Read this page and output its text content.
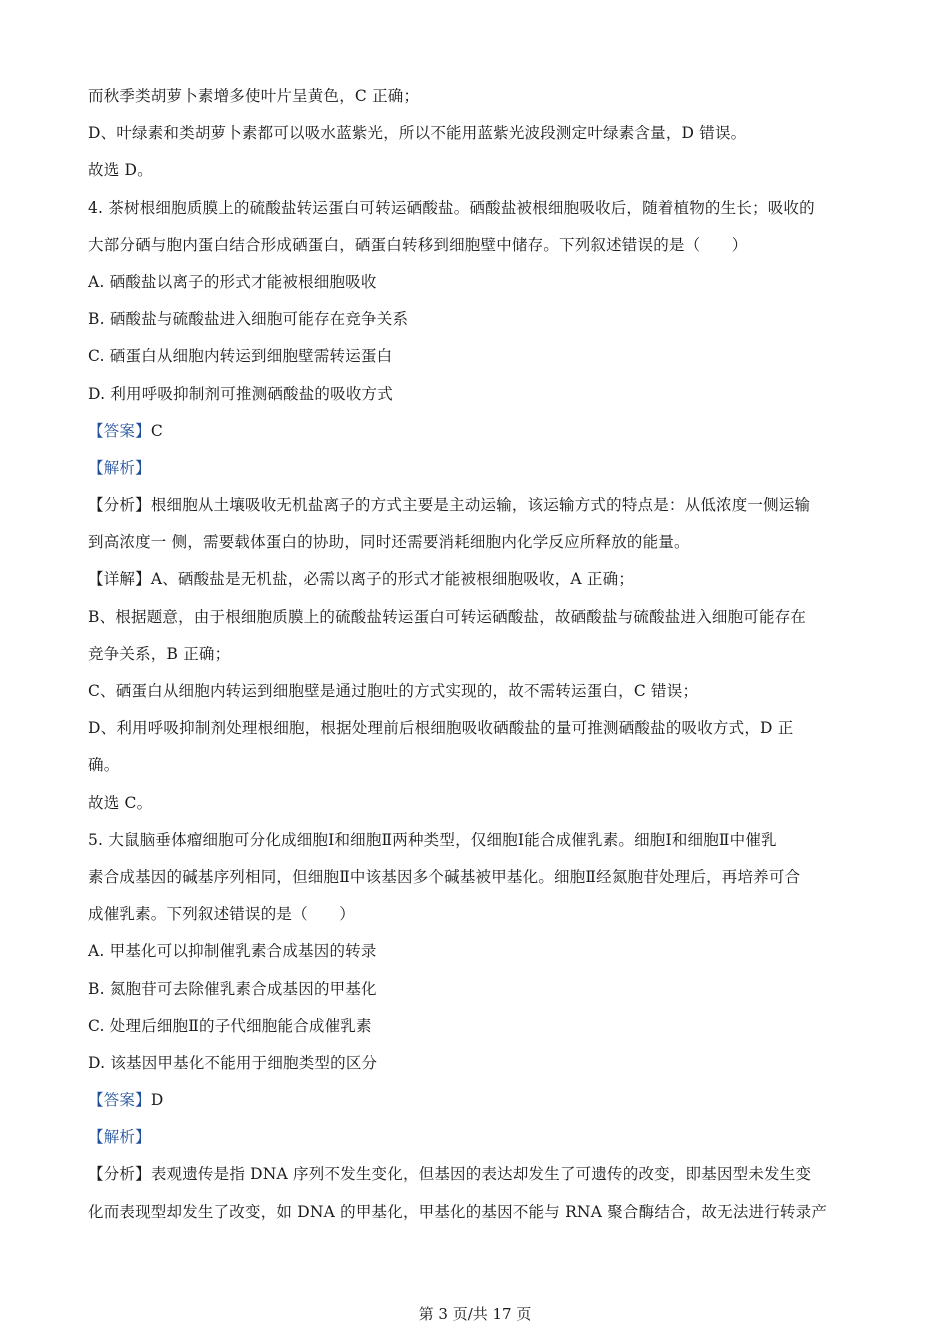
而秋季类胡萝卜素增多使叶片呈黄色，C 正确；
D、叶绿素和类胡萝卜素都可以吸水蓝紫光，所以不能用蓝紫光波段测定叶绿素含量，D 错误。
故选 D。
4. 茶树根细胞质膜上的硫酸盐转运蛋白可转运硒酸盐。硒酸盐被根细胞吸收后，随着植物的生长；吸收的
大部分硒与胞内蛋白结合形成硒蛋白，硒蛋白转移到细胞壁中储存。下列叙述错误的是（　　）
A. 硒酸盐以离子的形式才能被根细胞吸收
B. 硒酸盐与硫酸盐进入细胞可能存在竞争关系
C. 硒蛋白从细胞内转运到细胞壁需转运蛋白
D. 利用呼吸抑制剂可推测硒酸盐的吸收方式
【答案】C
【解析】
【分析】根细胞从土壤吸收无机盐离子的方式主要是主动运输，该运输方式的特点是：从低浓度一侧运输
到高浓度一 侧，需要载体蛋白的协助，同时还需要消耗细胞内化学反应所释放的能量。
【详解】A、硒酸盐是无机盐，必需以离子的形式才能被根细胞吸收，A 正确；
B、根据题意，由于根细胞质膜上的硫酸盐转运蛋白可转运硒酸盐，故硒酸盐与硫酸盐进入细胞可能存在
竞争关系，B 正确；
C、硒蛋白从细胞内转运到细胞壁是通过胞吐的方式实现的，故不需转运蛋白，C 错误；
D、利用呼吸抑制剂处理根细胞，根据处理前后根细胞吸收硒酸盐的量可推测硒酸盐的吸收方式，D 正
确。
故选 C。
5. 大鼠脑垂体瘤细胞可分化成细胞Ⅰ和细胞Ⅱ两种类型，仅细胞Ⅰ能合成催乳素。细胞Ⅰ和细胞Ⅱ中催乳
素合成基因的碱基序列相同，但细胞Ⅱ中该基因多个碱基被甲基化。细胞Ⅱ经氮胞苷处理后，再培养可合
成催乳素。下列叙述错误的是（　　）
A. 甲基化可以抑制催乳素合成基因的转录
B. 氮胞苷可去除催乳素合成基因的甲基化
C. 处理后细胞Ⅱ的子代细胞能合成催乳素
D. 该基因甲基化不能用于细胞类型的区分
【答案】D
【解析】
【分析】表观遗传是指 DNA 序列不发生变化，但基因的表达却发生了可遗传的改变，即基因型未发生变
化而表现型却发生了改变，如 DNA 的甲基化，甲基化的基因不能与 RNA 聚合酶结合，故无法进行转录产
第 3 页/共 17 页
